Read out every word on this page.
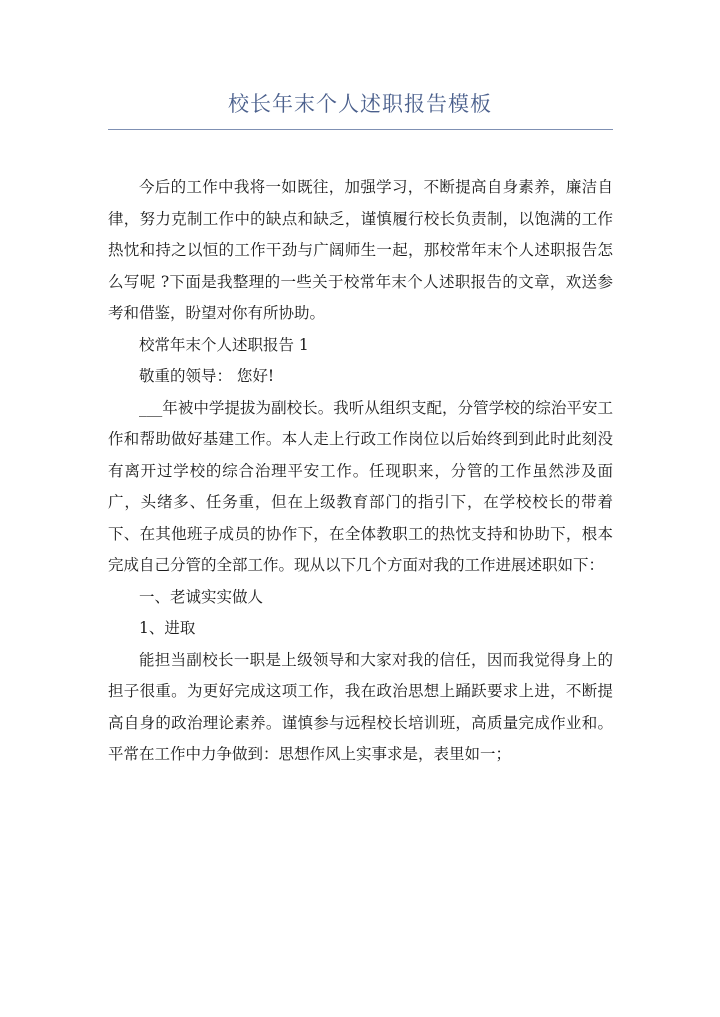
校长年末个人述职报告模板

今后的工作中我将一如既往，加强学习，不断提高自身素养，廉洁自律，努力克制工作中的缺点和缺乏，谨慎履行校长负责制，以饱满的工作热忱和持之以恒的工作干劲与广阔师生一起，那校常年末个人述职报告怎么写呢 ?下面是我整理的一些关于校常年末个人述职报告的文章，欢送参考和借鉴，盼望对你有所协助。

校常年末个人述职报告 1

敬重的领导： 您好!

___年被中学提拔为副校长。我听从组织支配，分管学校的综治平安工作和帮助做好基建工作。本人走上行政工作岗位以后始终到到此时此刻没有离开过学校的综合治理平安工作。任现职来，分管的工作虽然涉及面广，头绪多、任务重，但在上级教育部门的指引下，在学校校长的带着下、在其他班子成员的协作下，在全体教职工的热忱支持和协助下，根本完成自己分管的全部工作。现从以下几个方面对我的工作进展述职如下：

一、老诚实实做人

1、进取

能担当副校长一职是上级领导和大家对我的信任，因而我觉得身上的担子很重。为更好完成这项工作，我在政治思想上踊跃要求上进，不断提高自身的政治理论素养。谨慎参与远程校长培训班，高质量完成作业和。平常在工作中力争做到：思想作风上实事求是，表里如一；
